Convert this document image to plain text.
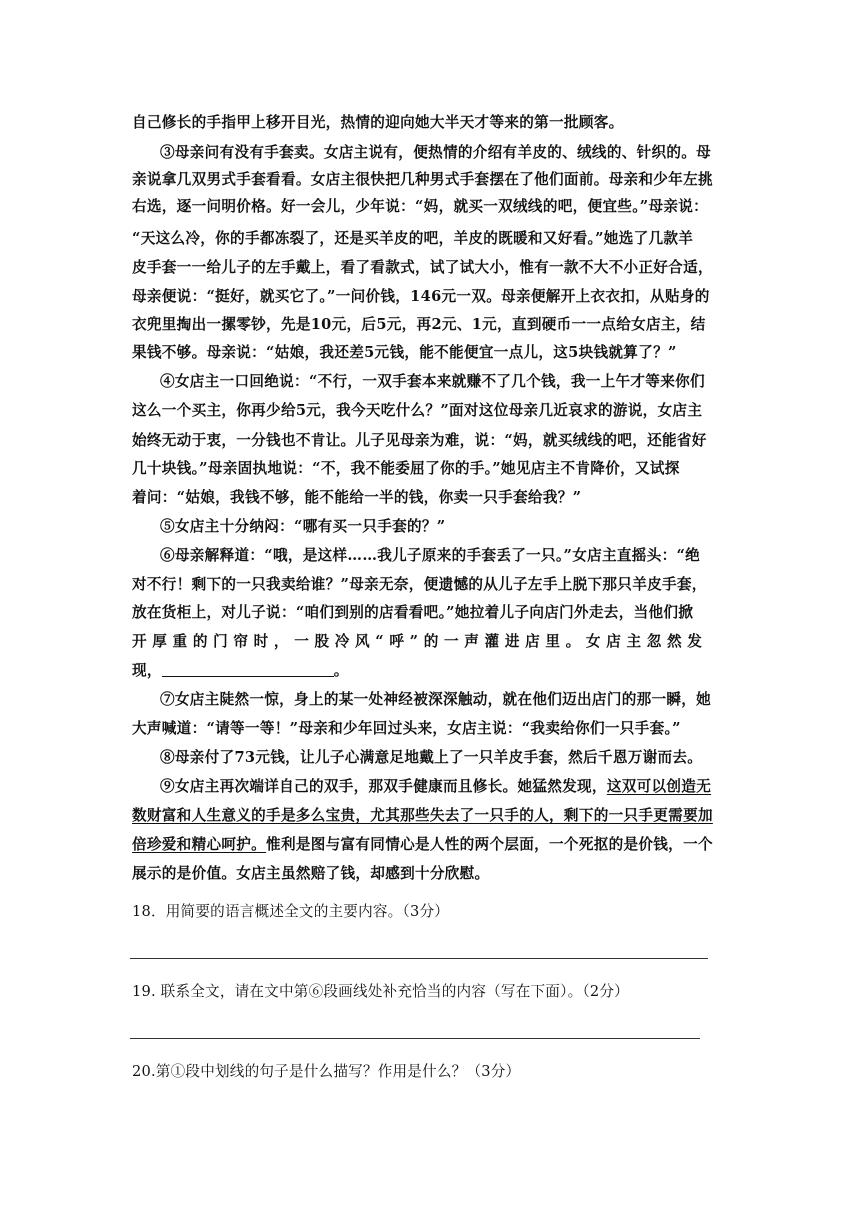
自己修长的手指甲上移开目光，热情的迎向她大半天才等来的第一批顾客。
③母亲问有没有手套卖。女店主说有，便热情的介绍有羊皮的、绒线的、针织的。母
亲说拿几双男式手套看看。女店主很快把几种男式手套摆在了他们面前。母亲和少年左挑
右选，逐一问明价格。好一会儿，少年说：“妈，就买一双绒线的吧，便宜些。”母亲说：
“天这么冷，你的手都冻裂了，还是买羊皮的吧，羊皮的既暖和又好看。”她选了几款羊
皮手套一一给儿子的左手戴上，看了看款式，试了试大小，惟有一款不大不小正好合适，
母亲便说：“挺好，就买它了。”一问价钱，146元一双。母亲便解开上衣衣扣，从贴身的
衣兜里掏出一摞零钞，先是10元，后5元，再2元、1元，直到硬币一一点给女店主，结
果钱不够。母亲说：“姑娘，我还差5元钱，能不能便宜一点儿，这5块钱就算了？”
④女店主一口回绝说：“不行，一双手套本来就赚不了几个钱，我一上午才等来你们
这么一个买主，你再少给5元，我今天吃什么？”面对这位母亲几近哀求的游说，女店主
始终无动于衷，一分钱也不肯让。儿子见母亲为难，说：“妈，就买绒线的吧，还能省好
几十块钱。”母亲固执地说：“不，我不能委屈了你的手。”她见店主不肯降价，又试探
着问：“姑娘，我钱不够，能不能给一半的钱，你卖一只手套给我？”
⑤女店主十分纳闷：“哪有买一只手套的？”
⑥母亲解释道：“哦，是这样……我儿子原来的手套丢了一只。”女店主直摇头：“绝
对不行！剩下的一只我卖给谁？”母亲无奈，便遗憾的从儿子左手上脱下那只羊皮手套，
放在货柜上，对儿子说：“咱们到别的店看看吧。”她拉着儿子向店门外走去，当他们掀
开 厚 重 的 门 帘 时 ， 一 股 冷 风 “ 呼 ” 的 一 声 灌 进 店 里 。 女 店 主 忽 然 发
现，	。
⑦女店主陡然一惊，身上的某一处神经被深深触动，就在他们迈出店门的那一瞬，她
大声喊道：“请等一等！”母亲和少年回过头来，女店主说：“我卖给你们一只手套。”
⑧母亲付了73元钱，让儿子心满意足地戴上了一只羊皮手套，然后千恩万谢而去。
⑨女店主再次端详自己的双手，那双手健康而且修长。她猛然发现，这双可以创造无
数财富和人生意义的手是多么宝贵，尤其那些失去了一只手的人，剩下的一只手更需要加
倍珍爱和精心呵护。惟利是图与富有同情心是人性的两个层面，一个死抠的是价钱，一个
展示的是价值。女店主虽然赔了钱，却感到十分欣慰。
18．用简要的语言概述全文的主要内容。（3分）
19. 联系全文，请在文中第⑥段画线处补充恰当的内容（写在下面）。（2分）
20.第①段中划线的句子是什么描写？作用是什么？（3分）
